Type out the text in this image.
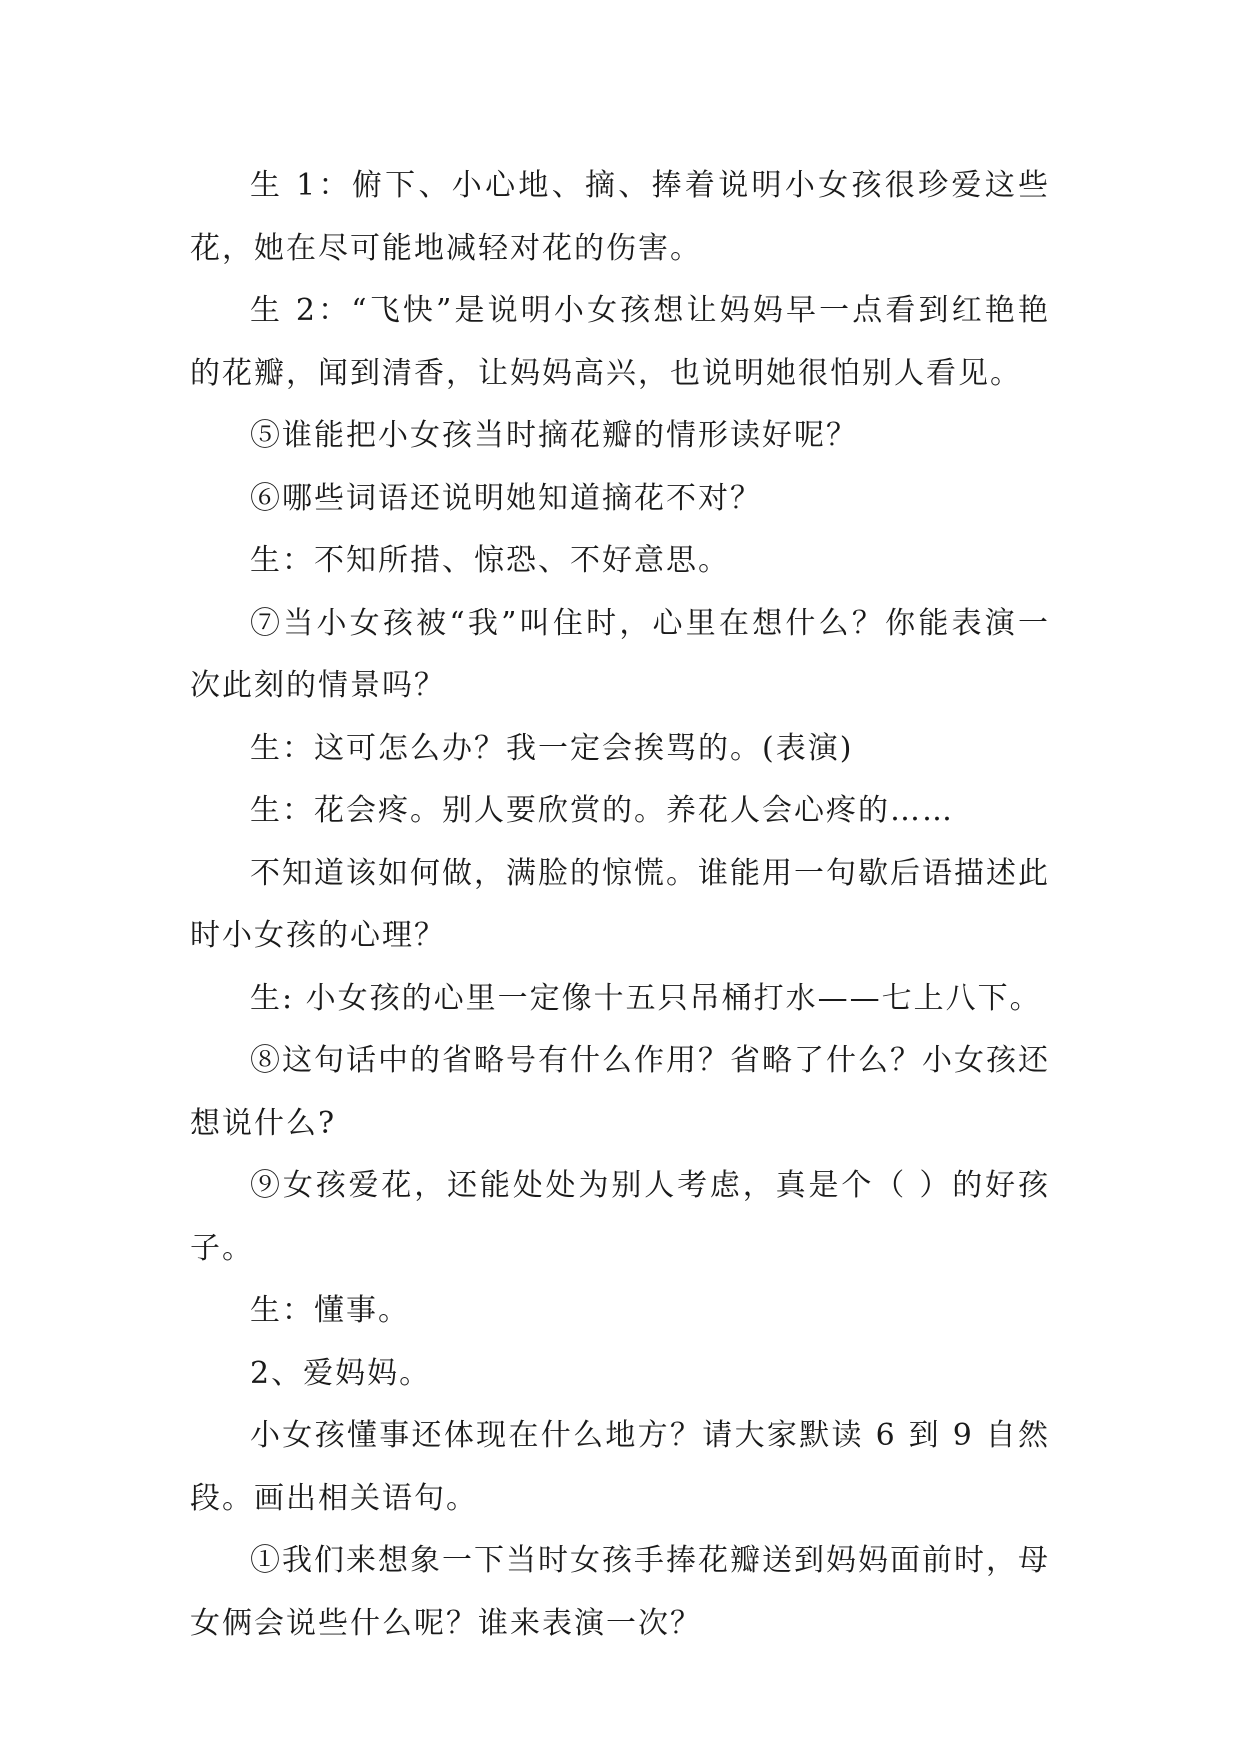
生 1：俯下、小心地、摘、捧着说明小女孩很珍爱这些花，她在尽可能地减轻对花的伤害。

生 2：“飞快”是说明小女孩想让妈妈早一点看到红艳艳的花瓣，闻到清香，让妈妈高兴，也说明她很怕别人看见。

⑤谁能把小女孩当时摘花瓣的情形读好呢？

⑥哪些词语还说明她知道摘花不对？

生：不知所措、惊恐、不好意思。

⑦当小女孩被“我”叫住时，心里在想什么？你能表演一次此刻的情景吗？

生：这可怎么办？我一定会挨骂的。(表演)

生：花会疼。别人要欣赏的。养花人会心疼的……

不知道该如何做，满脸的惊慌。谁能用一句歇后语描述此时小女孩的心理？

生: 小女孩的心里一定像十五只吊桶打水——七上八下。

⑧这句话中的省略号有什么作用？省略了什么？小女孩还想说什么?

⑨女孩爱花，还能处处为别人考虑，真是个（ ）的好孩子。

生：懂事。

2、爱妈妈。

小女孩懂事还体现在什么地方？请大家默读 6 到 9 自然段。画出相关语句。

①我们来想象一下当时女孩手捧花瓣送到妈妈面前时，母女俩会说些什么呢？谁来表演一次？
